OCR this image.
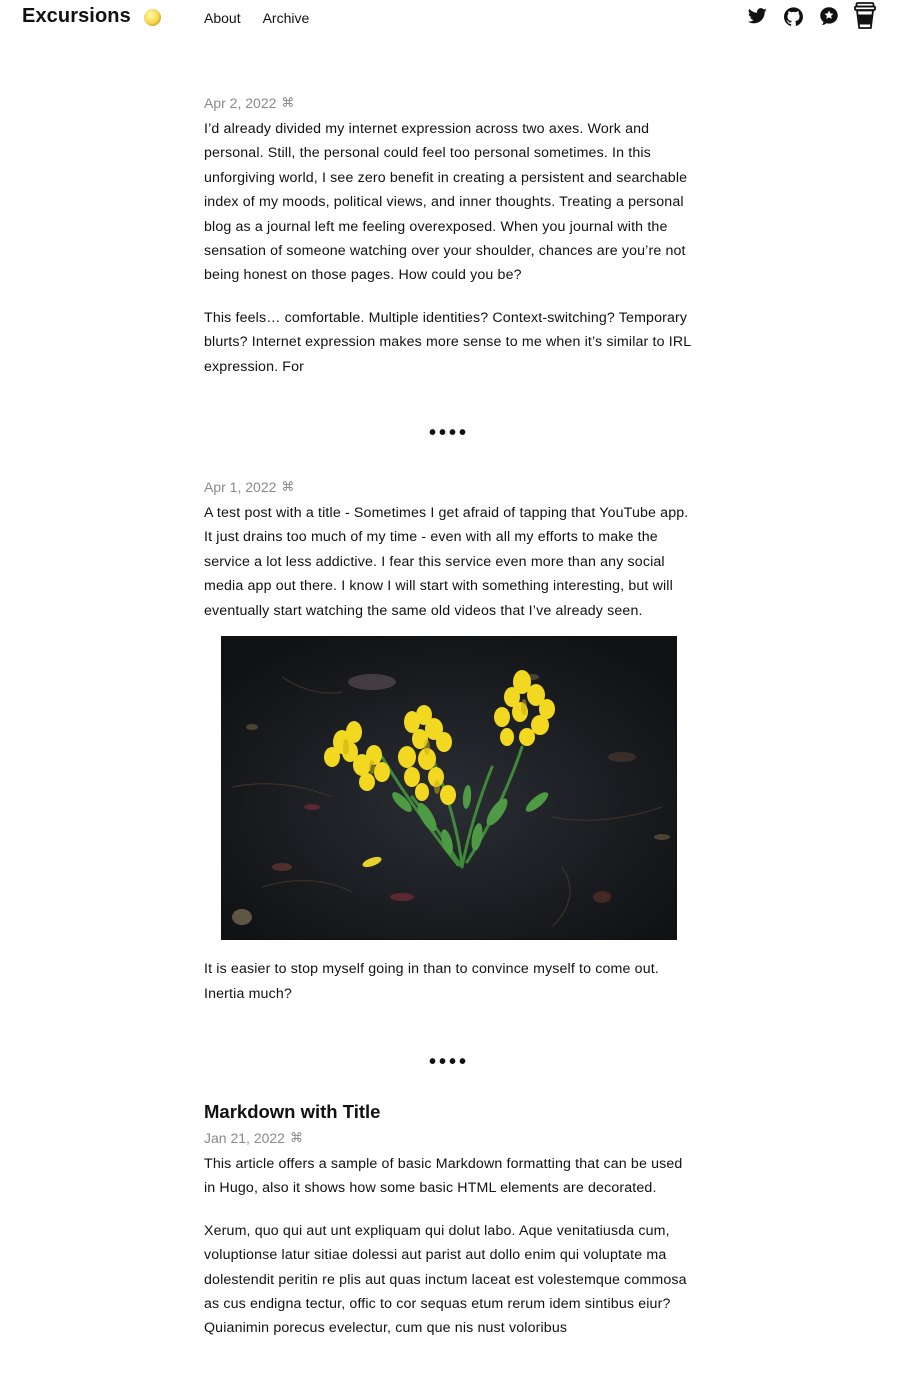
Excursions	About Archive
Apr 2, 2022 ⌘

I’d already divided my internet expression across two axes. Work and personal. Still, the personal could feel too personal sometimes. In this unforgiving world, I see zero benefit in creating a persistent and searchable index of my moods, political views, and inner thoughts. Treating a personal blog as a journal left me feeling overexposed. When you journal with the sensation of someone watching over your shoulder, chances are you’re not being honest on those pages. How could you be?

This feels… comfortable. Multiple identities? Context-switching? Temporary blurts? Internet expression makes more sense to me when it’s similar to IRL expression. For

••••
Apr 1, 2022 ⌘

A test post with a title - Sometimes I get afraid of tapping that YouTube app. It just drains too much of my time - even with all my efforts to make the service a lot less addictive. I fear this service even more than any social media app out there. I know I will start with something interesting, but will eventually start watching the same old videos that I’ve already seen.

It is easier to stop myself going in than to convince myself to come out. Inertia much?

••••
Markdown with Title
Jan 21, 2022 ⌘

This article offers a sample of basic Markdown formatting that can be used in Hugo, also it shows how some basic HTML elements are decorated.

Xerum, quo qui aut unt expliquam qui dolut labo. Aque venitatiusda cum, voluptionse latur sitiae dolessi aut parist aut dollo enim qui voluptate ma dolestendit peritin re plis aut quas inctum laceat est volestemque commosa as cus endigna tectur, offic to cor sequas etum rerum idem sintibus eiur? Quianimin porecus evelectur, cum que nis nust voloribus
